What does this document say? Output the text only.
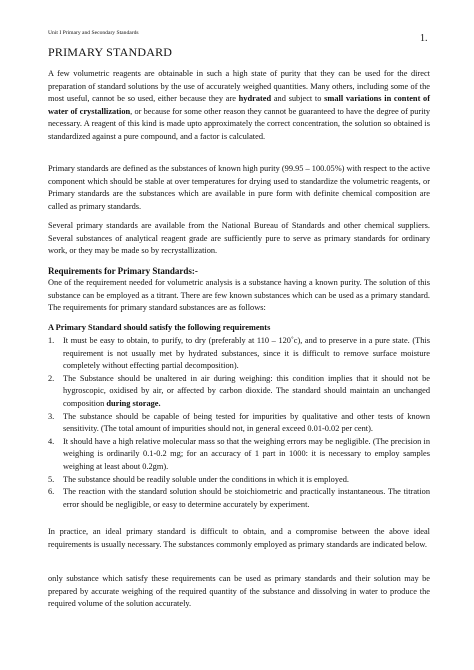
Unit I Primary and Secondary Standards	1.
PRIMARY STANDARD

A few volumetric reagents are obtainable in such a high state of purity that they can be used for the direct preparation of standard solutions by the use of accurately weighed quantities. Many others, including some of the most useful, cannot be so used, either because they are hydrated and subject to small variations in content of water of crystallization, or because for some other reason they cannot be guaranteed to have the degree of purity necessary. A reagent of this kind is made upto approximately the correct concentration, the solution so obtained is standardized against a pure compound, and a factor is calculated.

Primary standards are defined as the substances of known high purity (99.95 – 100.05%) with respect to the active component which should be stable at over temperatures for drying used to standardize the volumetric reagents, or Primary standards are the substances which are available in pure form with definite chemical composition are called as primary standards.

Several primary standards are available from the National Bureau of Standards and other chemical suppliers. Several substances of analytical reagent grade are sufficiently pure to serve as primary standards for ordinary work, or they may be made so by recrystallization.

Requirements for Primary Standards:-

One of the requirement needed for volumetric analysis is a substance having a known purity. The solution of this substance can be employed as a titrant. There are few known substances which can be used as a primary standard. The requirements for primary standard substances are as follows:

A Primary Standard should satisfy the following requirements
1. It must be easy to obtain, to purify, to dry (preferably at 110 – 120˚c), and to preserve in a pure state. (This requirement is not usually met by hydrated substances, since it is difficult to remove surface moisture completely without effecting partial decomposition).
2. The Substance should be unaltered in air during weighing: this condition implies that it should not be hygroscopic, oxidised by air, or affected by carbon dioxide. The standard should maintain an unchanged composition during storage.
3. The substance should be capable of being tested for impurities by qualitative and other tests of known sensitivity. (The total amount of impurities should not, in general exceed 0.01-0.02 per cent).
4. It should have a high relative molecular mass so that the weighing errors may be negligible. (The precision in weighing is ordinarily 0.1-0.2 mg; for an accuracy of 1 part in 1000: it is necessary to employ samples weighing at least about 0.2gm).
5. The substance should be readily soluble under the conditions in which it is employed.
6. The reaction with the standard solution should be stoichiometric and practically instantaneous. The titration error should be negligible, or easy to determine accurately by experiment.

In practice, an ideal primary standard is difficult to obtain, and a compromise between the above ideal requirements is usually necessary. The substances commonly employed as primary standards are indicated below.

only substance which satisfy these requirements can be used as primary standards and their solution may be prepared by accurate weighing of the required quantity of the substance and dissolving in water to produce the required volume of the solution accurately.
